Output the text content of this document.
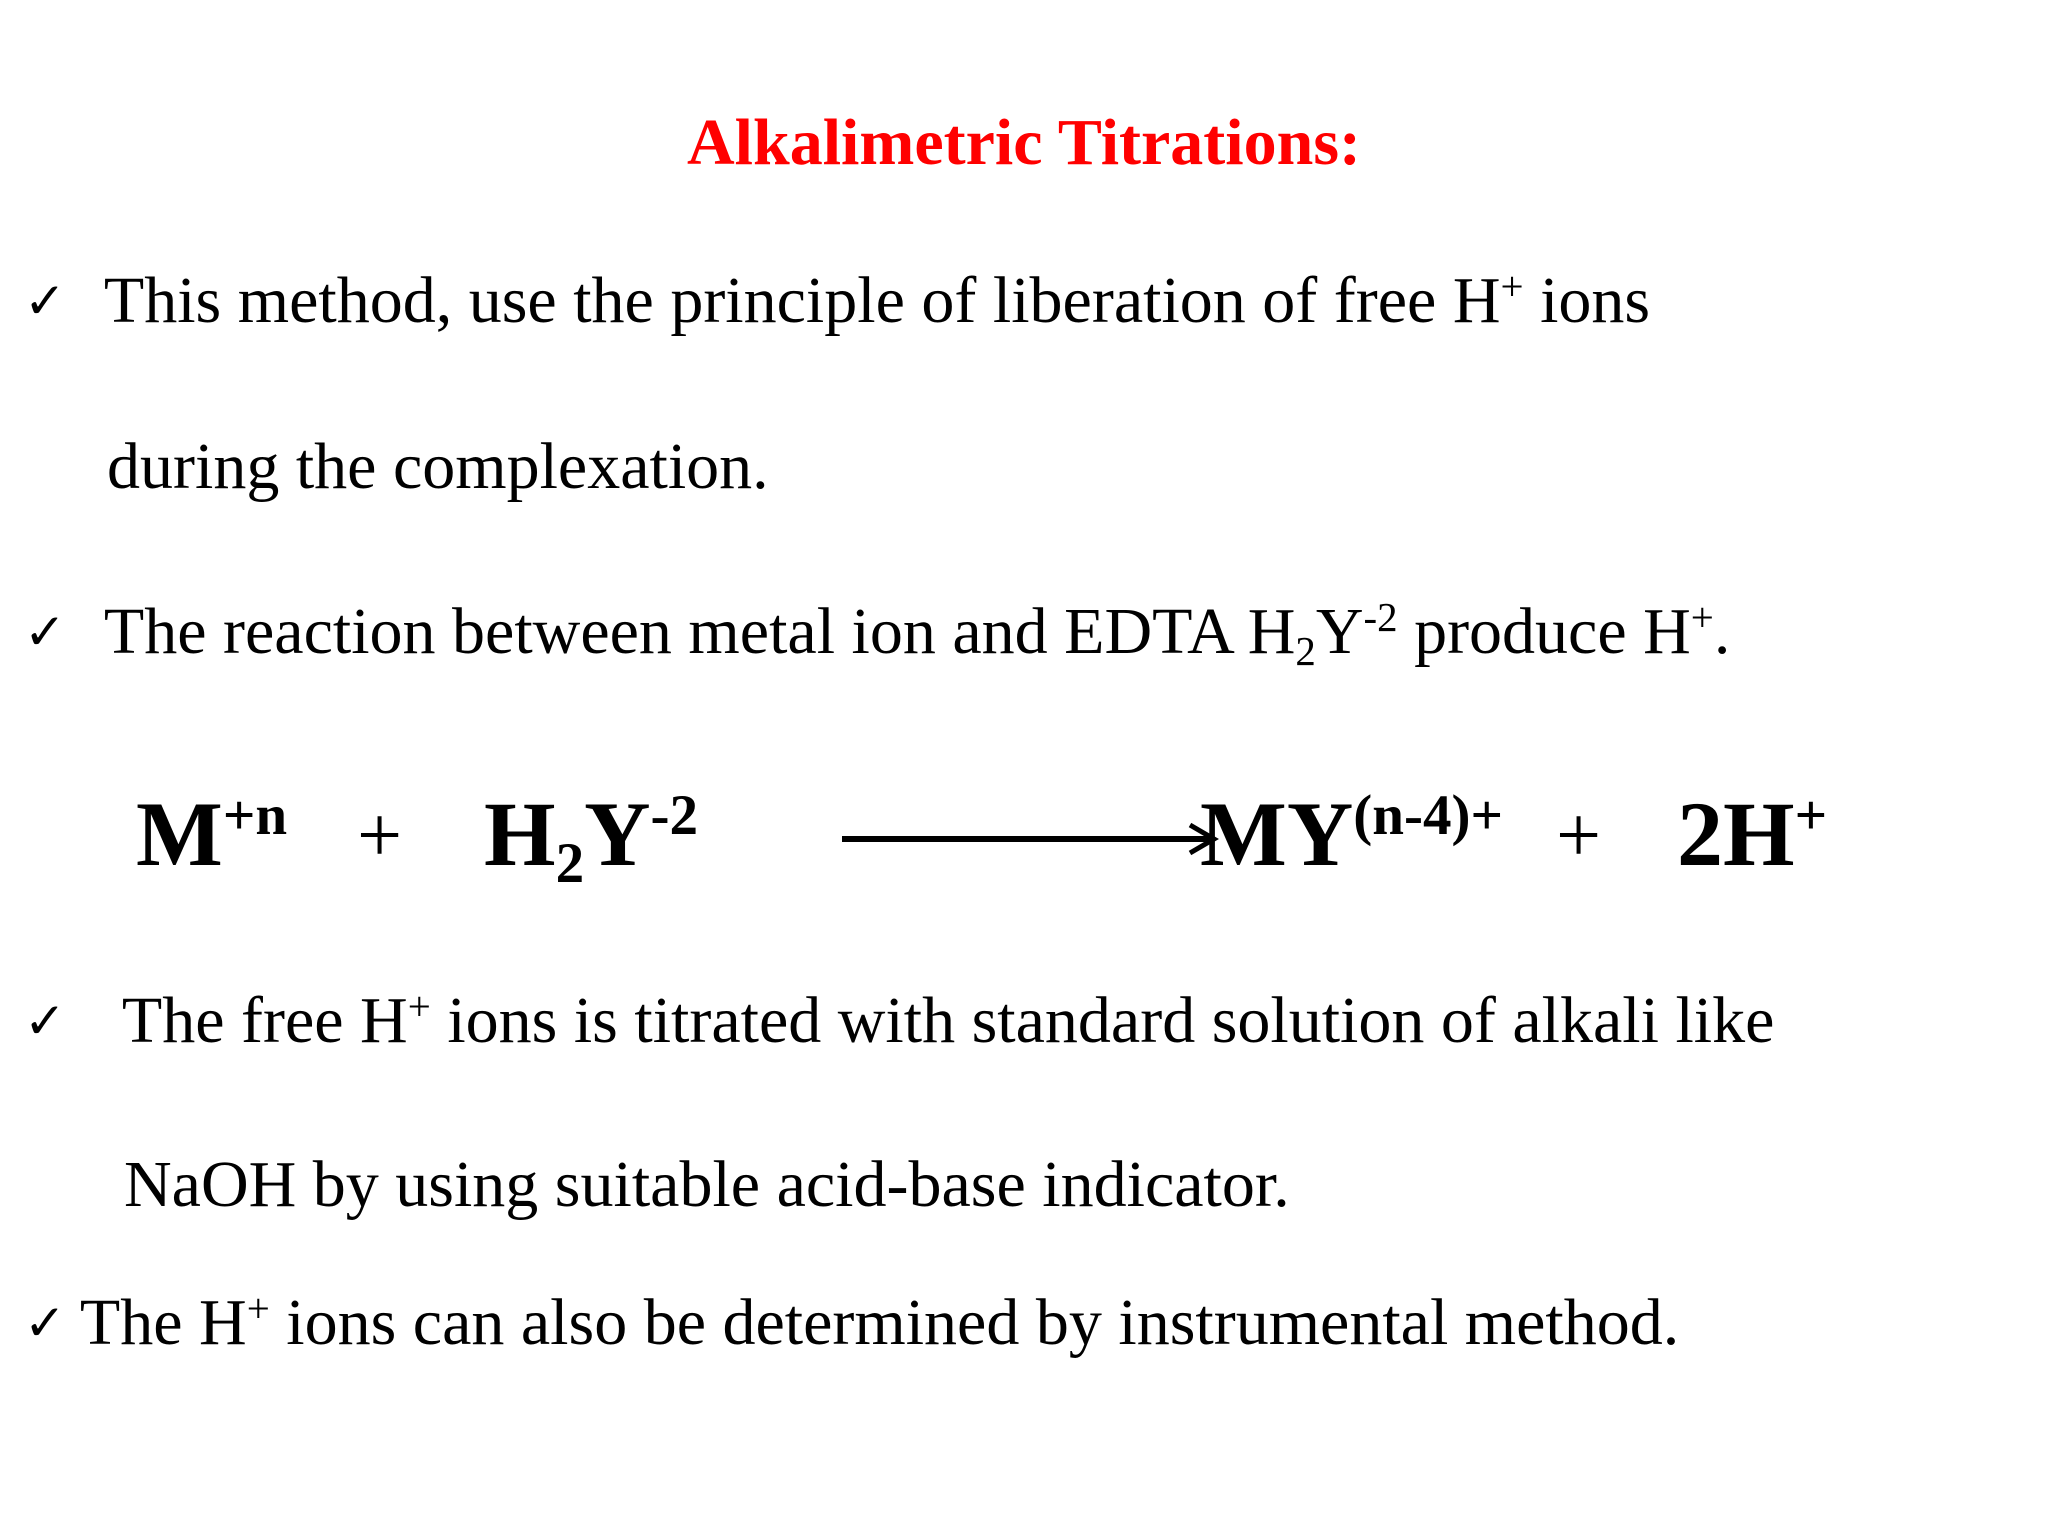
Alkalimetric Titrations:
✓ This method, use the principle of liberation of free H+ ions
during the complexation.
✓ The reaction between metal ion and EDTA $H_2Y^{-2}$ produce H+.
$M^{+n} + H_2Y^{-2}$	$MY^{(n-4)+} + 2H^+$
✓ The free H+ ions is titrated with standard solution of alkali like
NaOH by using suitable acid-base indicator.
✓ The H+ ions can also be determined by instrumental method.
